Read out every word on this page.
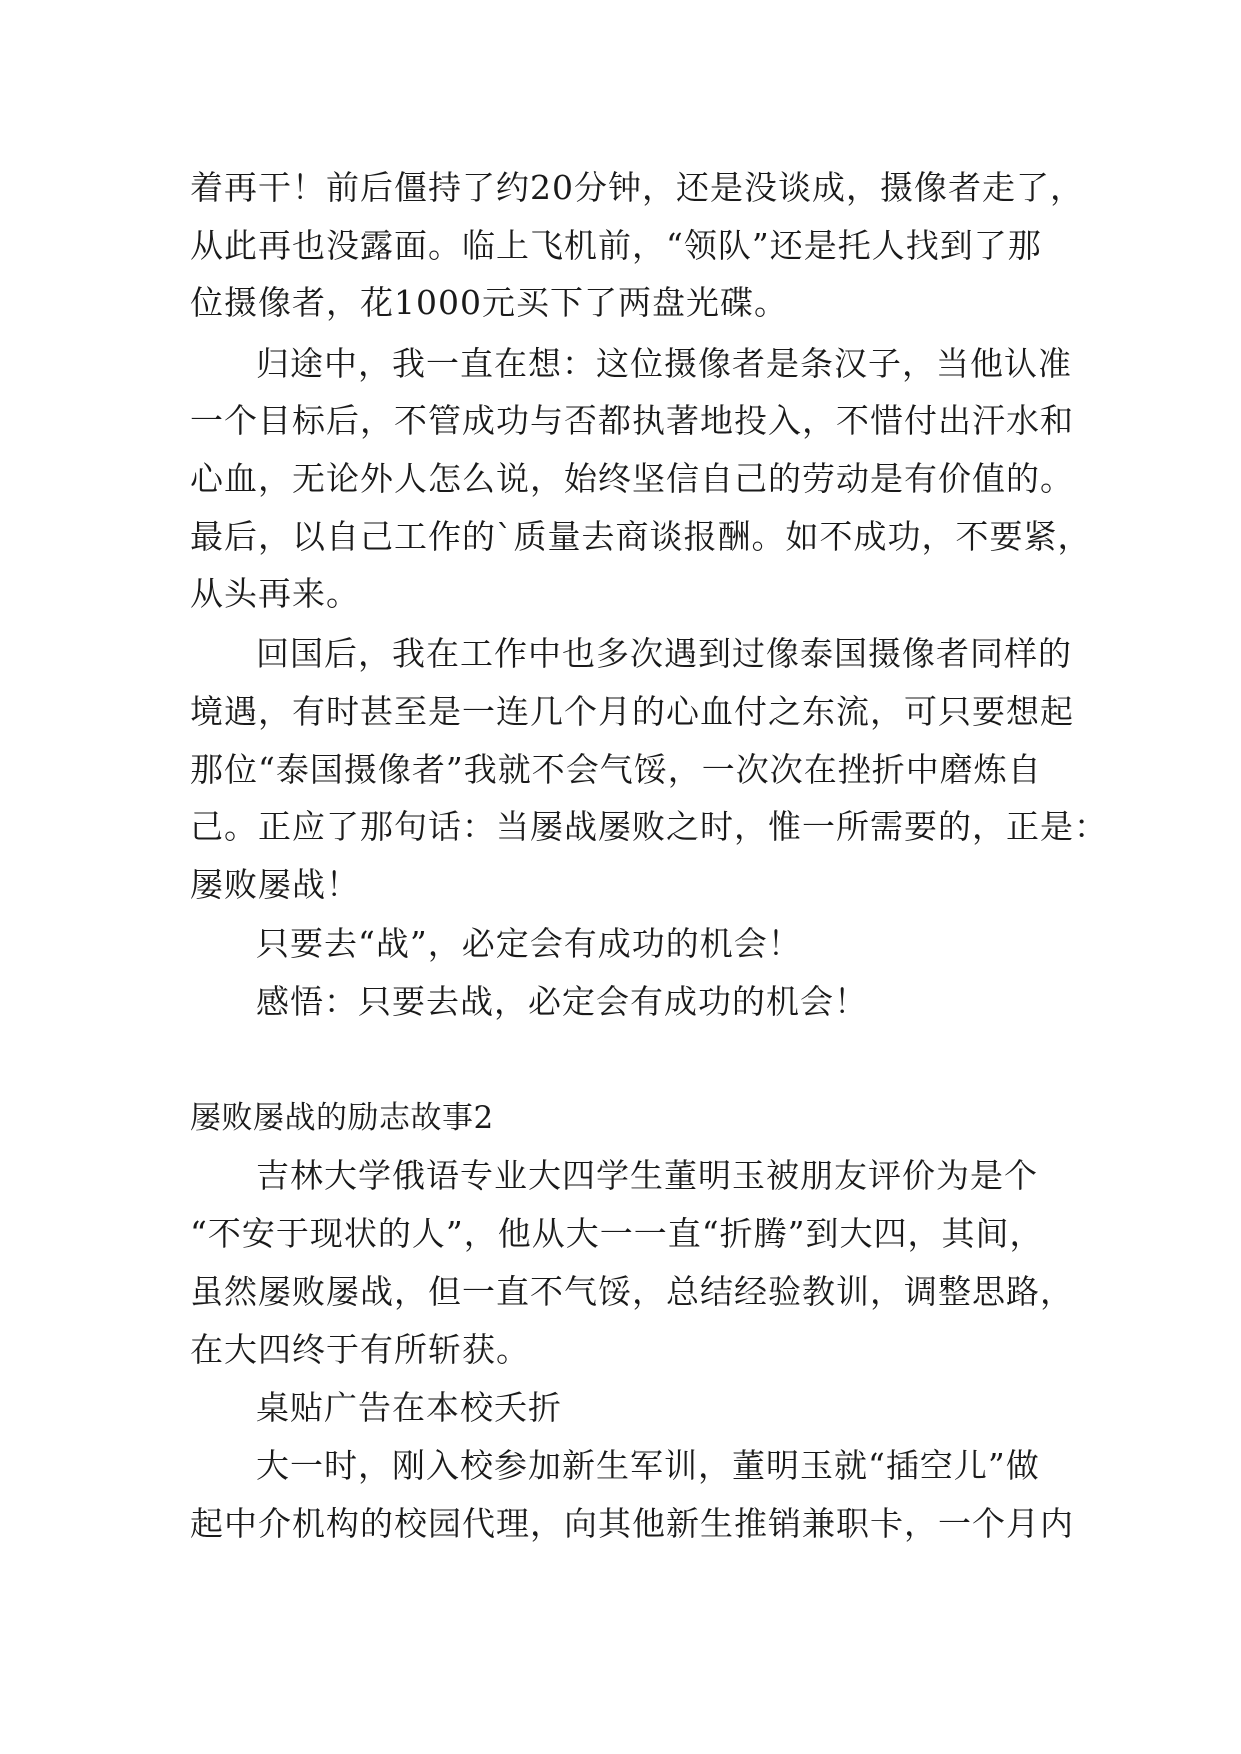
着再干！前后僵持了约20分钟，还是没谈成，摄像者走了，
从此再也没露面。临上飞机前，“领队”还是托人找到了那
位摄像者，花1000元买下了两盘光碟。
归途中，我一直在想：这位摄像者是条汉子，当他认准
一个目标后，不管成功与否都执著地投入，不惜付出汗水和
心血，无论外人怎么说，始终坚信自己的劳动是有价值的。
最后，以自己工作的`质量去商谈报酬。如不成功，不要紧，
从头再来。
回国后，我在工作中也多次遇到过像泰国摄像者同样的
境遇，有时甚至是一连几个月的心血付之东流，可只要想起
那位“泰国摄像者”我就不会气馁，一次次在挫折中磨炼自
己。正应了那句话：当屡战屡败之时，惟一所需要的，正是：
屡败屡战！
只要去“战”，必定会有成功的机会！
感悟：只要去战，必定会有成功的机会！
屡败屡战的励志故事2
吉林大学俄语专业大四学生董明玉被朋友评价为是个
“不安于现状的人”，他从大一一直“折腾”到大四，其间，
虽然屡败屡战，但一直不气馁，总结经验教训，调整思路，
在大四终于有所斩获。
桌贴广告在本校夭折
大一时，刚入校参加新生军训，董明玉就“插空儿”做
起中介机构的校园代理，向其他新生推销兼职卡，一个月内
